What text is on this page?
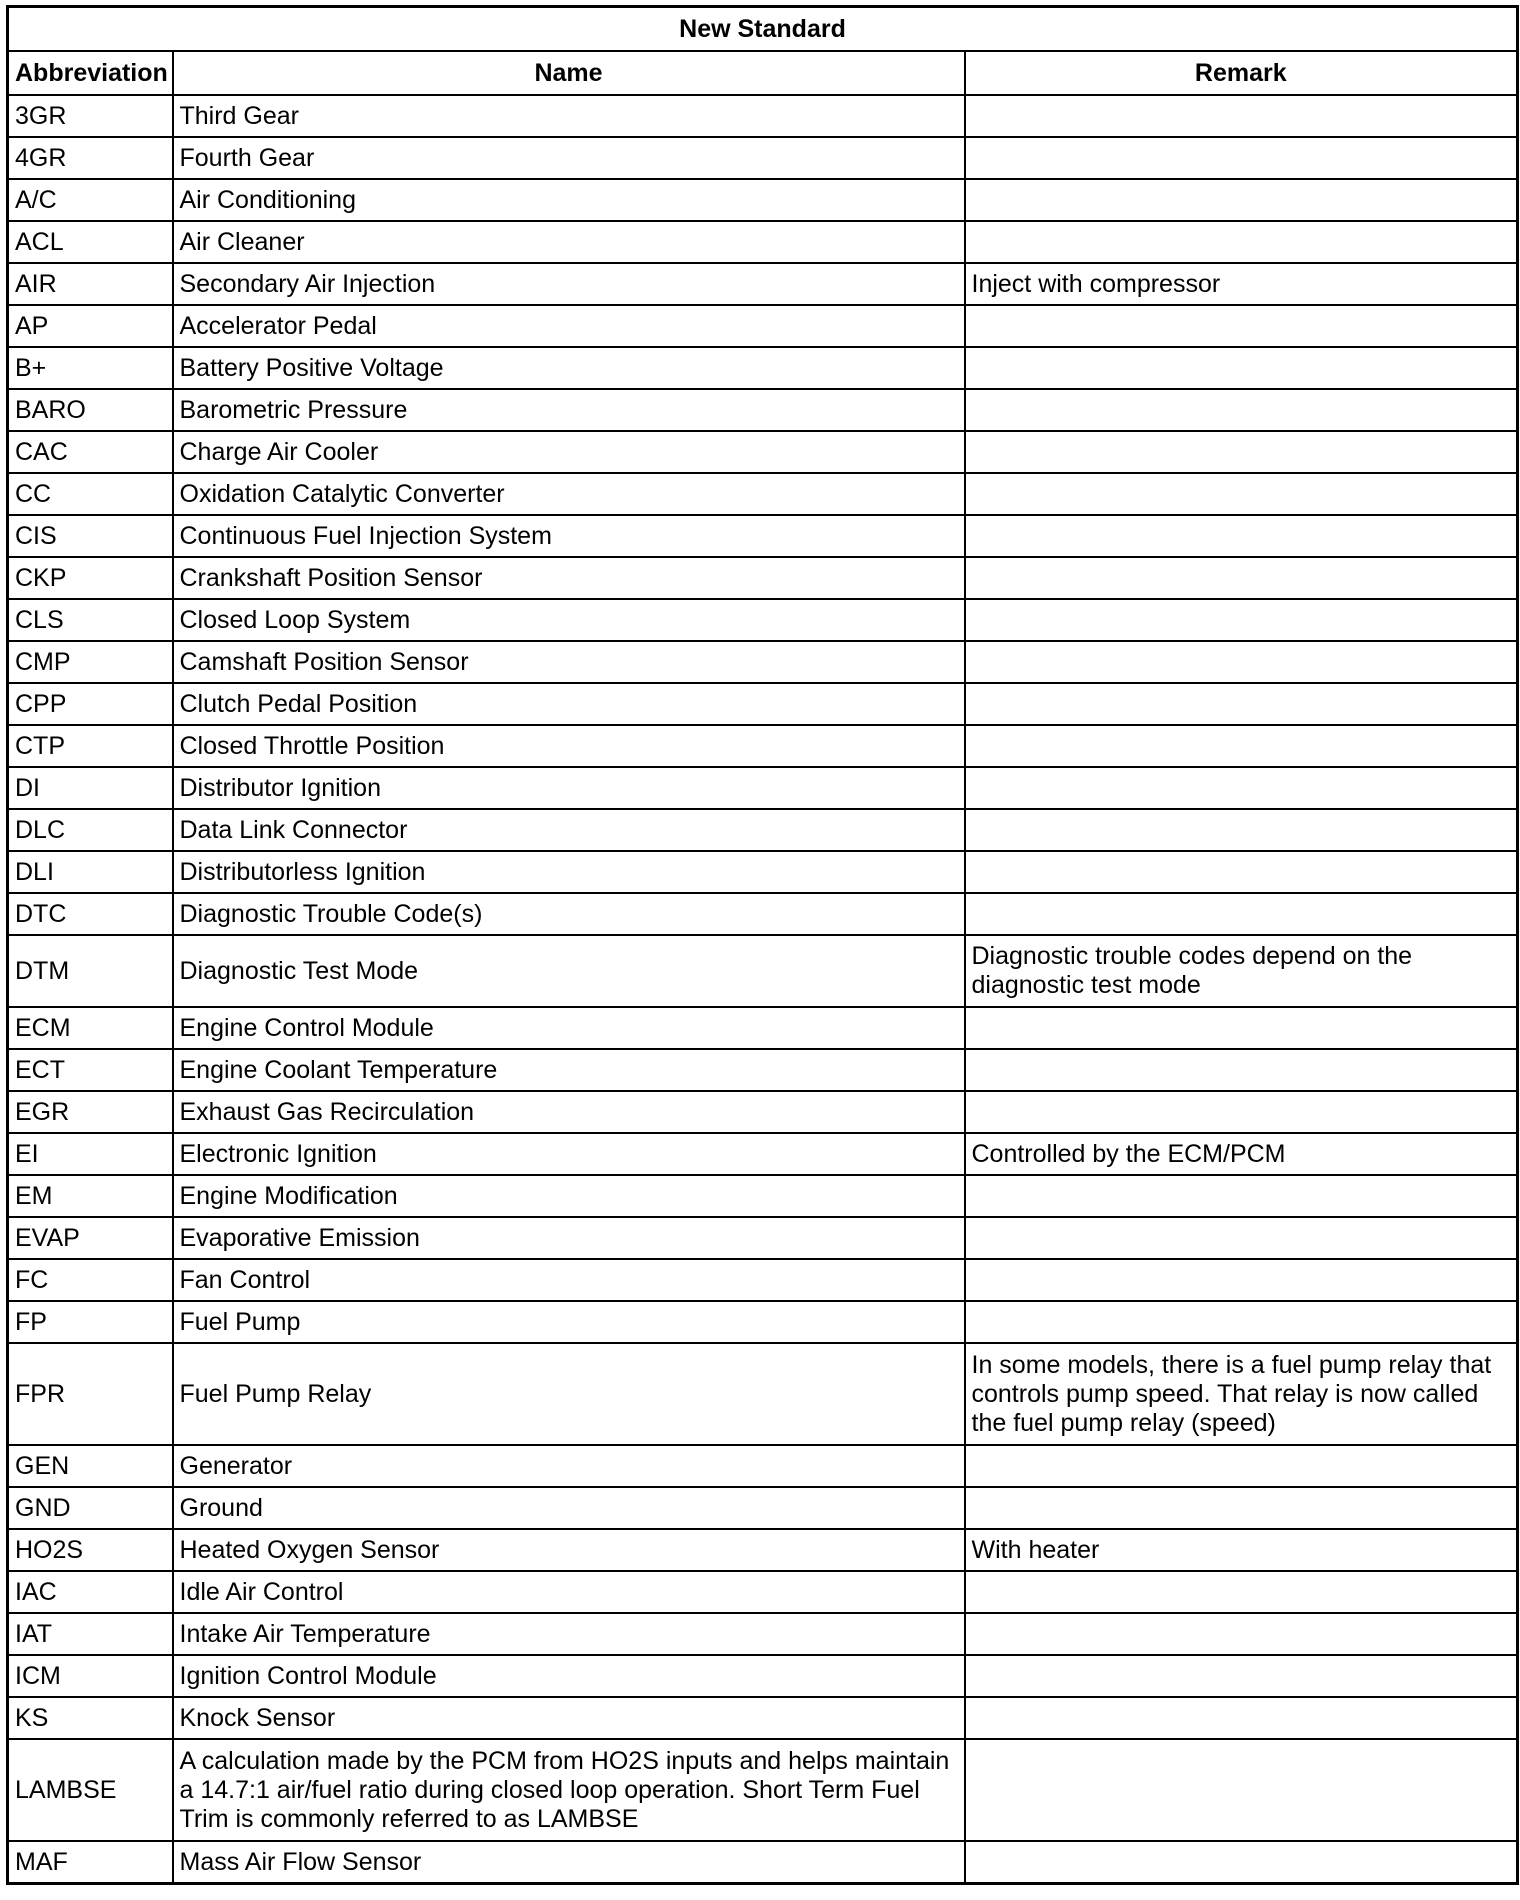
New Standard		
Abbreviation	Name	Remark
3GR	Third Gear	
4GR	Fourth Gear	
A/C	Air Conditioning	
ACL	Air Cleaner	
AIR	Secondary Air Injection	Inject with compressor
AP	Accelerator Pedal	
B+	Battery Positive Voltage	
BARO	Barometric Pressure	
CAC	Charge Air Cooler	
CC	Oxidation Catalytic Converter	
CIS	Continuous Fuel Injection System	
CKP	Crankshaft Position Sensor	
CLS	Closed Loop System	
CMP	Camshaft Position Sensor	
CPP	Clutch Pedal Position	
CTP	Closed Throttle Position	
DI	Distributor Ignition	
DLC	Data Link Connector	
DLI	Distributorless Ignition	
DTC	Diagnostic Trouble Code(s)	
DTM	Diagnostic Test Mode	Diagnostic trouble codes depend on the diagnostic test mode
ECM	Engine Control Module	
ECT	Engine Coolant Temperature	
EGR	Exhaust Gas Recirculation	
EI	Electronic Ignition	Controlled by the ECM/PCM
EM	Engine Modification	
EVAP	Evaporative Emission	
FC	Fan Control	
FP	Fuel Pump	
FPR	Fuel Pump Relay	In some models, there is a fuel pump relay that controls pump speed. That relay is now called the fuel pump relay (speed)
GEN	Generator	
GND	Ground	
HO2S	Heated Oxygen Sensor	With heater
IAC	Idle Air Control	
IAT	Intake Air Temperature	
ICM	Ignition Control Module	
KS	Knock Sensor	
LAMBSE	A calculation made by the PCM from HO2S inputs and helps maintain a 14.7:1 air/fuel ratio during closed loop operation. Short Term Fuel Trim is commonly referred to as LAMBSE	
MAF	Mass Air Flow Sensor	
